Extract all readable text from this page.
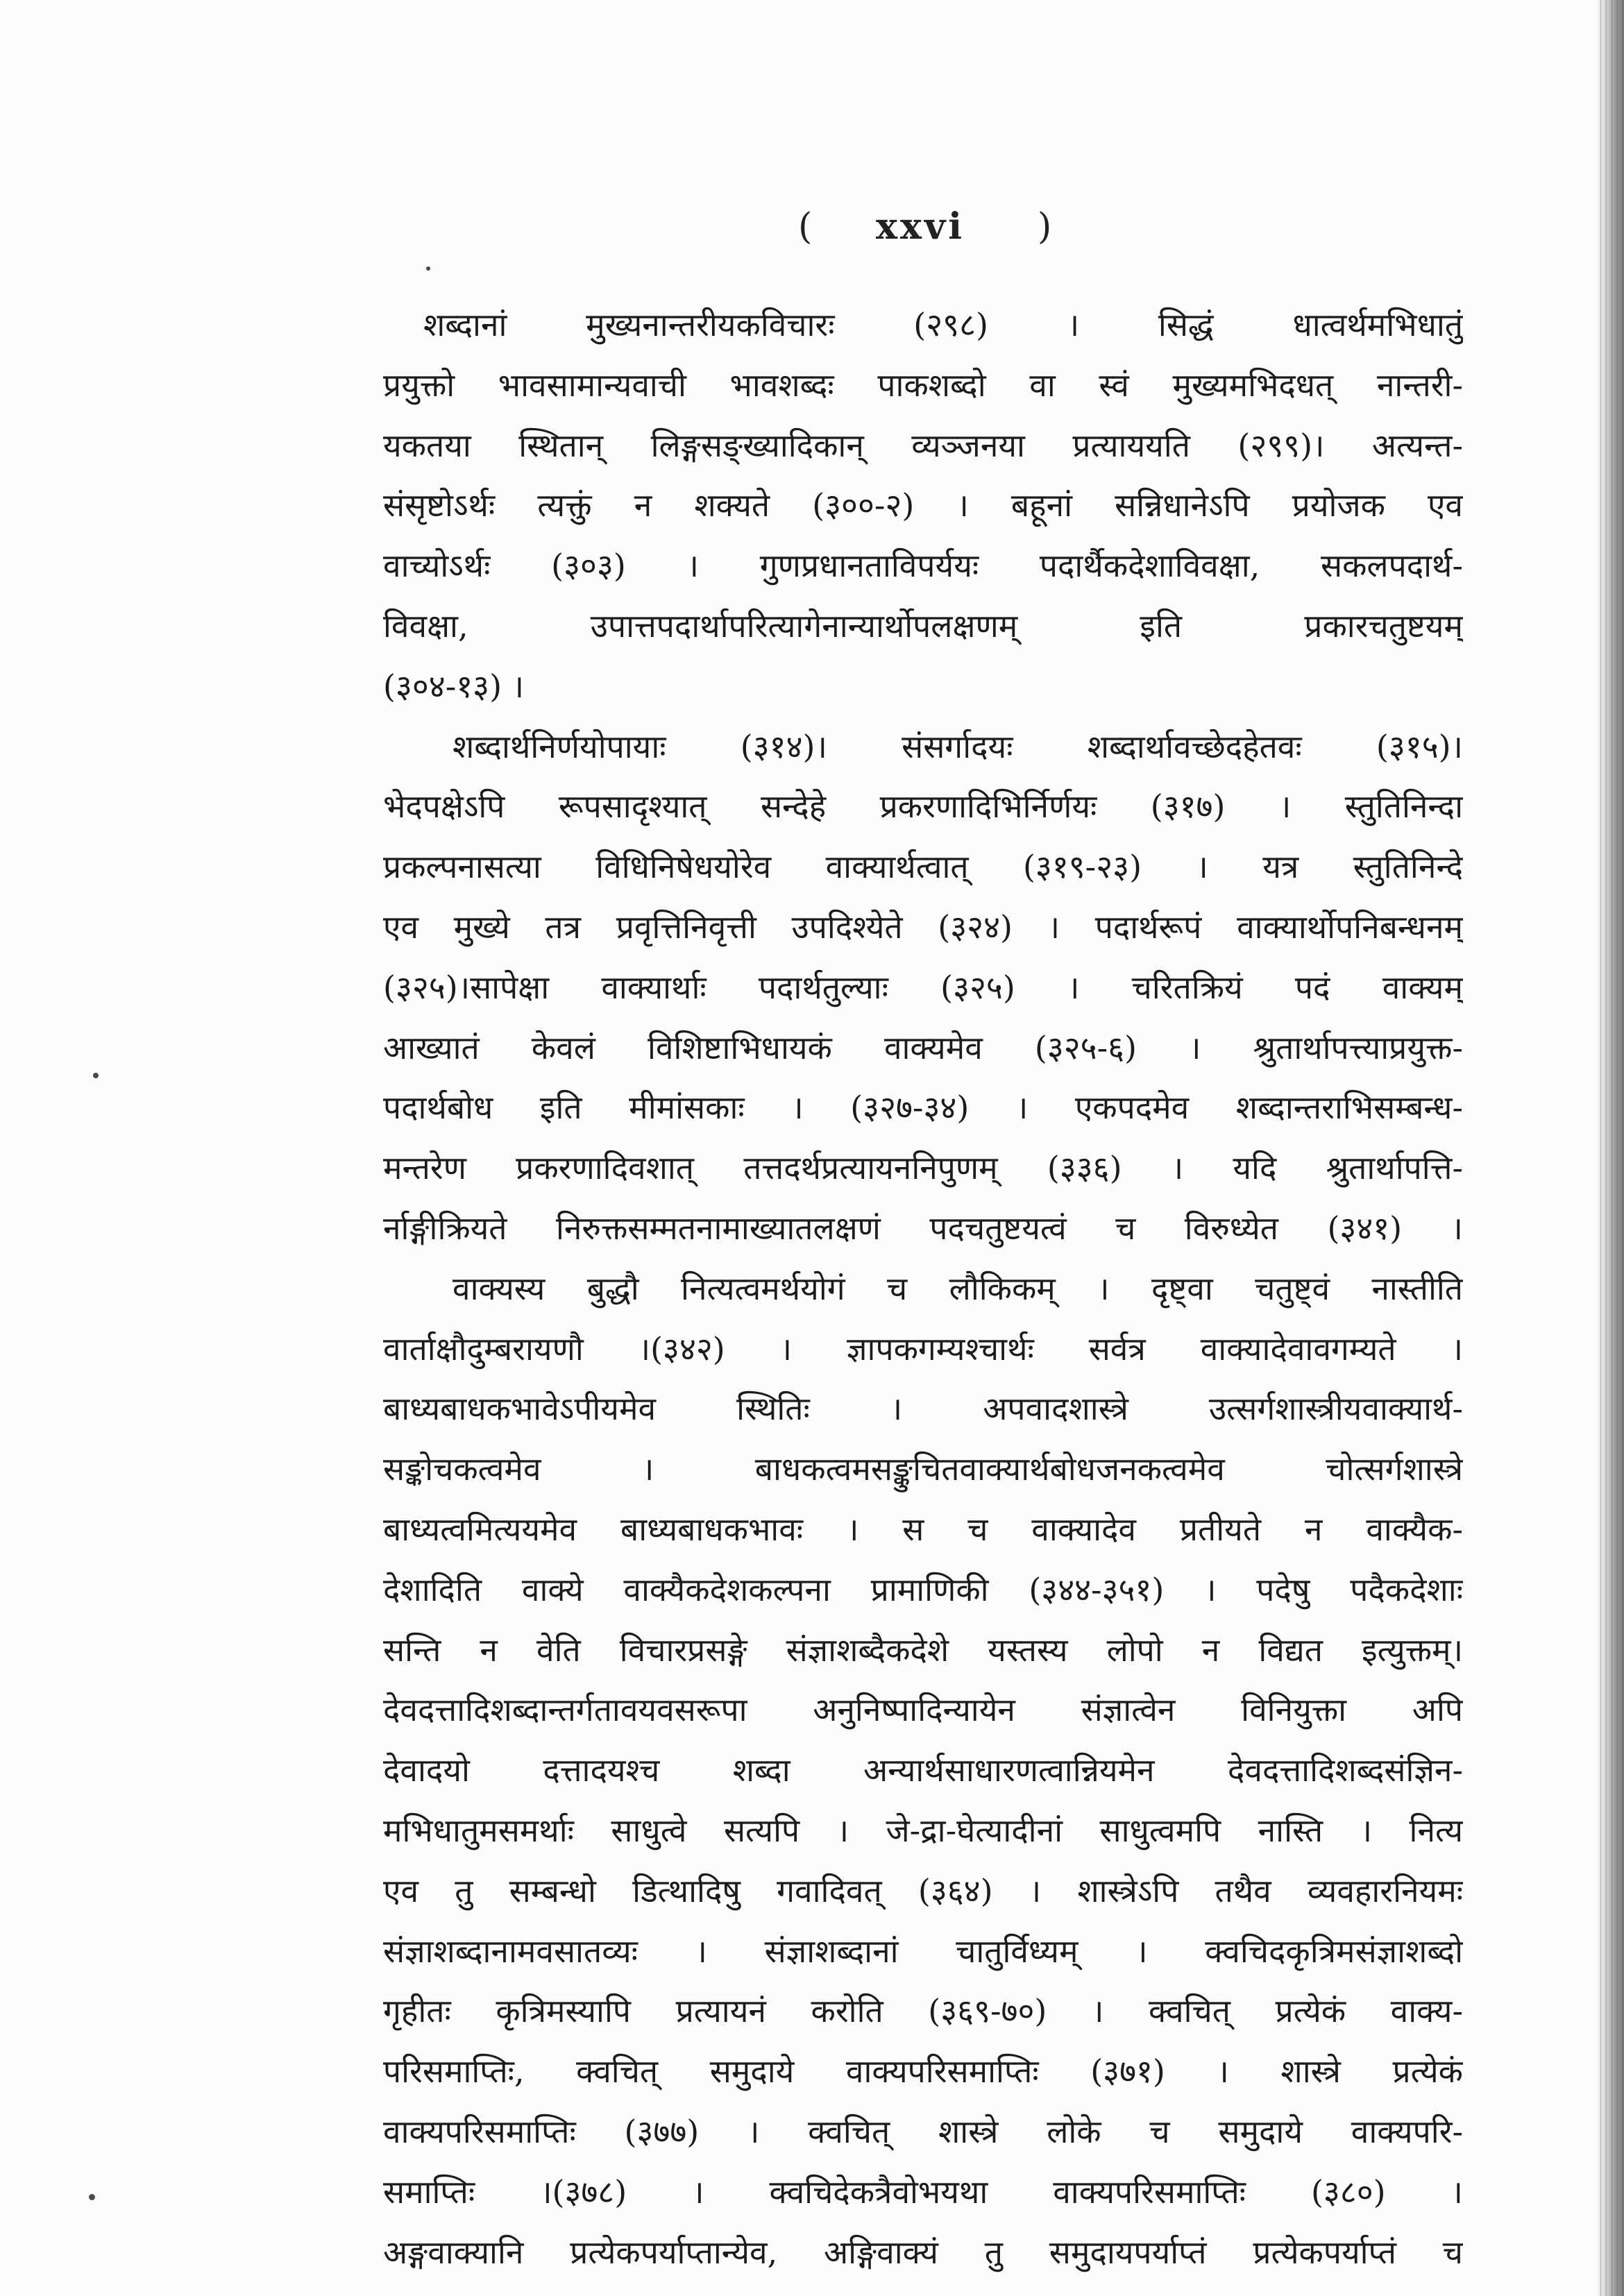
( xxvi )
शब्दानां मुख्यनान्तरीयकविचारः (२९८) । सिद्धं धात्वर्थमभिधातुं
प्रयुक्तो भावसामान्यवाची भावशब्दः पाकशब्दो वा स्वं मुख्यमभिदधत् नान्तरी-
यकतया स्थितान् लिङ्गसङ्ख्यादिकान् व्यञ्जनया प्रत्याययति (२९९)। अत्यन्त-
संसृष्टोऽर्थः त्यक्तुं न शक्यते (३००-२) । बहूनां सन्निधानेऽपि प्रयोजक एव
वाच्योऽर्थः (३०३) । गुणप्रधानताविपर्ययः पदार्थैकदेशाविवक्षा, सकलपदार्थ-
विवक्षा, उपात्तपदार्थापरित्यागेनान्यार्थोपलक्षणम् इति प्रकारचतुष्टयम्
(३०४-१३) ।
शब्दार्थनिर्णयोपायाः (३१४)। संसर्गादयः शब्दार्थावच्छेदहेतवः (३१५)।
भेदपक्षेऽपि रूपसादृश्यात् सन्देहे प्रकरणादिभिर्निर्णयः (३१७) । स्तुतिनिन्दा
प्रकल्पनासत्या विधिनिषेधयोरेव वाक्यार्थत्वात् (३१९-२३) । यत्र स्तुतिनिन्दे
एव मुख्ये तत्र प्रवृत्तिनिवृत्ती उपदिश्येते (३२४) । पदार्थरूपं वाक्यार्थोपनिबन्धनम्
(३२५)।सापेक्षा वाक्यार्थाः पदार्थतुल्याः (३२५) । चरितक्रियं पदं वाक्यम्
आख्यातं केवलं विशिष्टाभिधायकं वाक्यमेव (३२५-६) । श्रुतार्थापत्त्याप्रयुक्त-
पदार्थबोध इति मीमांसकाः । (३२७-३४) । एकपदमेव शब्दान्तराभिसम्बन्ध-
मन्तरेण प्रकरणादिवशात् तत्तदर्थप्रत्यायननिपुणम् (३३६) । यदि श्रुतार्थापत्ति-
र्नाङ्गीक्रियते निरुक्तसम्मतनामाख्यातलक्षणं पदचतुष्टयत्वं च विरुध्येत (३४१) ।
वाक्यस्य बुद्धौ नित्यत्वमर्थयोगं च लौकिकम् । दृष्ट्वा चतुष्ट्वं नास्तीति
वार्ताक्षौदुम्बरायणौ ।(३४२) । ज्ञापकगम्यश्चार्थः सर्वत्र वाक्यादेवावगम्यते ।
बाध्यबाधकभावेऽपीयमेव स्थितिः । अपवादशास्त्रे उत्सर्गशास्त्रीयवाक्यार्थ-
सङ्कोचकत्वमेव । बाधकत्वमसङ्कुचितवाक्यार्थबोधजनकत्वमेव चोत्सर्गशास्त्रे
बाध्यत्वमित्ययमेव बाध्यबाधकभावः । स च वाक्यादेव प्रतीयते न वाक्यैक-
देशादिति वाक्ये वाक्यैकदेशकल्पना प्रामाणिकी (३४४-३५१) । पदेषु पदैकदेशाः
सन्ति न वेति विचारप्रसङ्गे संज्ञाशब्दैकदेशे यस्तस्य लोपो न विद्यत इत्युक्तम्।
देवदत्तादिशब्दान्तर्गतावयवसरूपा अनुनिष्पादिन्यायेन संज्ञात्वेन विनियुक्ता अपि
देवादयो दत्तादयश्च शब्दा अन्यार्थसाधारणत्वान्नियमेन देवदत्तादिशब्दसंज्ञिन-
मभिधातुमसमर्थाः साधुत्वे सत्यपि । जे-द्रा-घेत्यादीनां साधुत्वमपि नास्ति । नित्य
एव तु सम्बन्धो डित्थादिषु गवादिवत् (३६४) । शास्त्रेऽपि तथैव व्यवहारनियमः
संज्ञाशब्दानामवसातव्यः । संज्ञाशब्दानां चातुर्विध्यम् । क्वचिदकृत्रिमसंज्ञाशब्दो
गृहीतः कृत्रिमस्यापि प्रत्यायनं करोति (३६९-७०) । क्वचित् प्रत्येकं वाक्य-
परिसमाप्तिः, क्वचित् समुदाये वाक्यपरिसमाप्तिः (३७१) । शास्त्रे प्रत्येकं
वाक्यपरिसमाप्तिः (३७७) । क्वचित् शास्त्रे लोके च समुदाये वाक्यपरि-
समाप्तिः ।(३७८) । क्वचिदेकत्रैवोभयथा वाक्यपरिसमाप्तिः (३८०) ।
अङ्गवाक्यानि प्रत्येकपर्याप्तान्येव, अङ्गिवाक्यं तु समुदायपर्याप्तं प्रत्येकपर्याप्तं च
